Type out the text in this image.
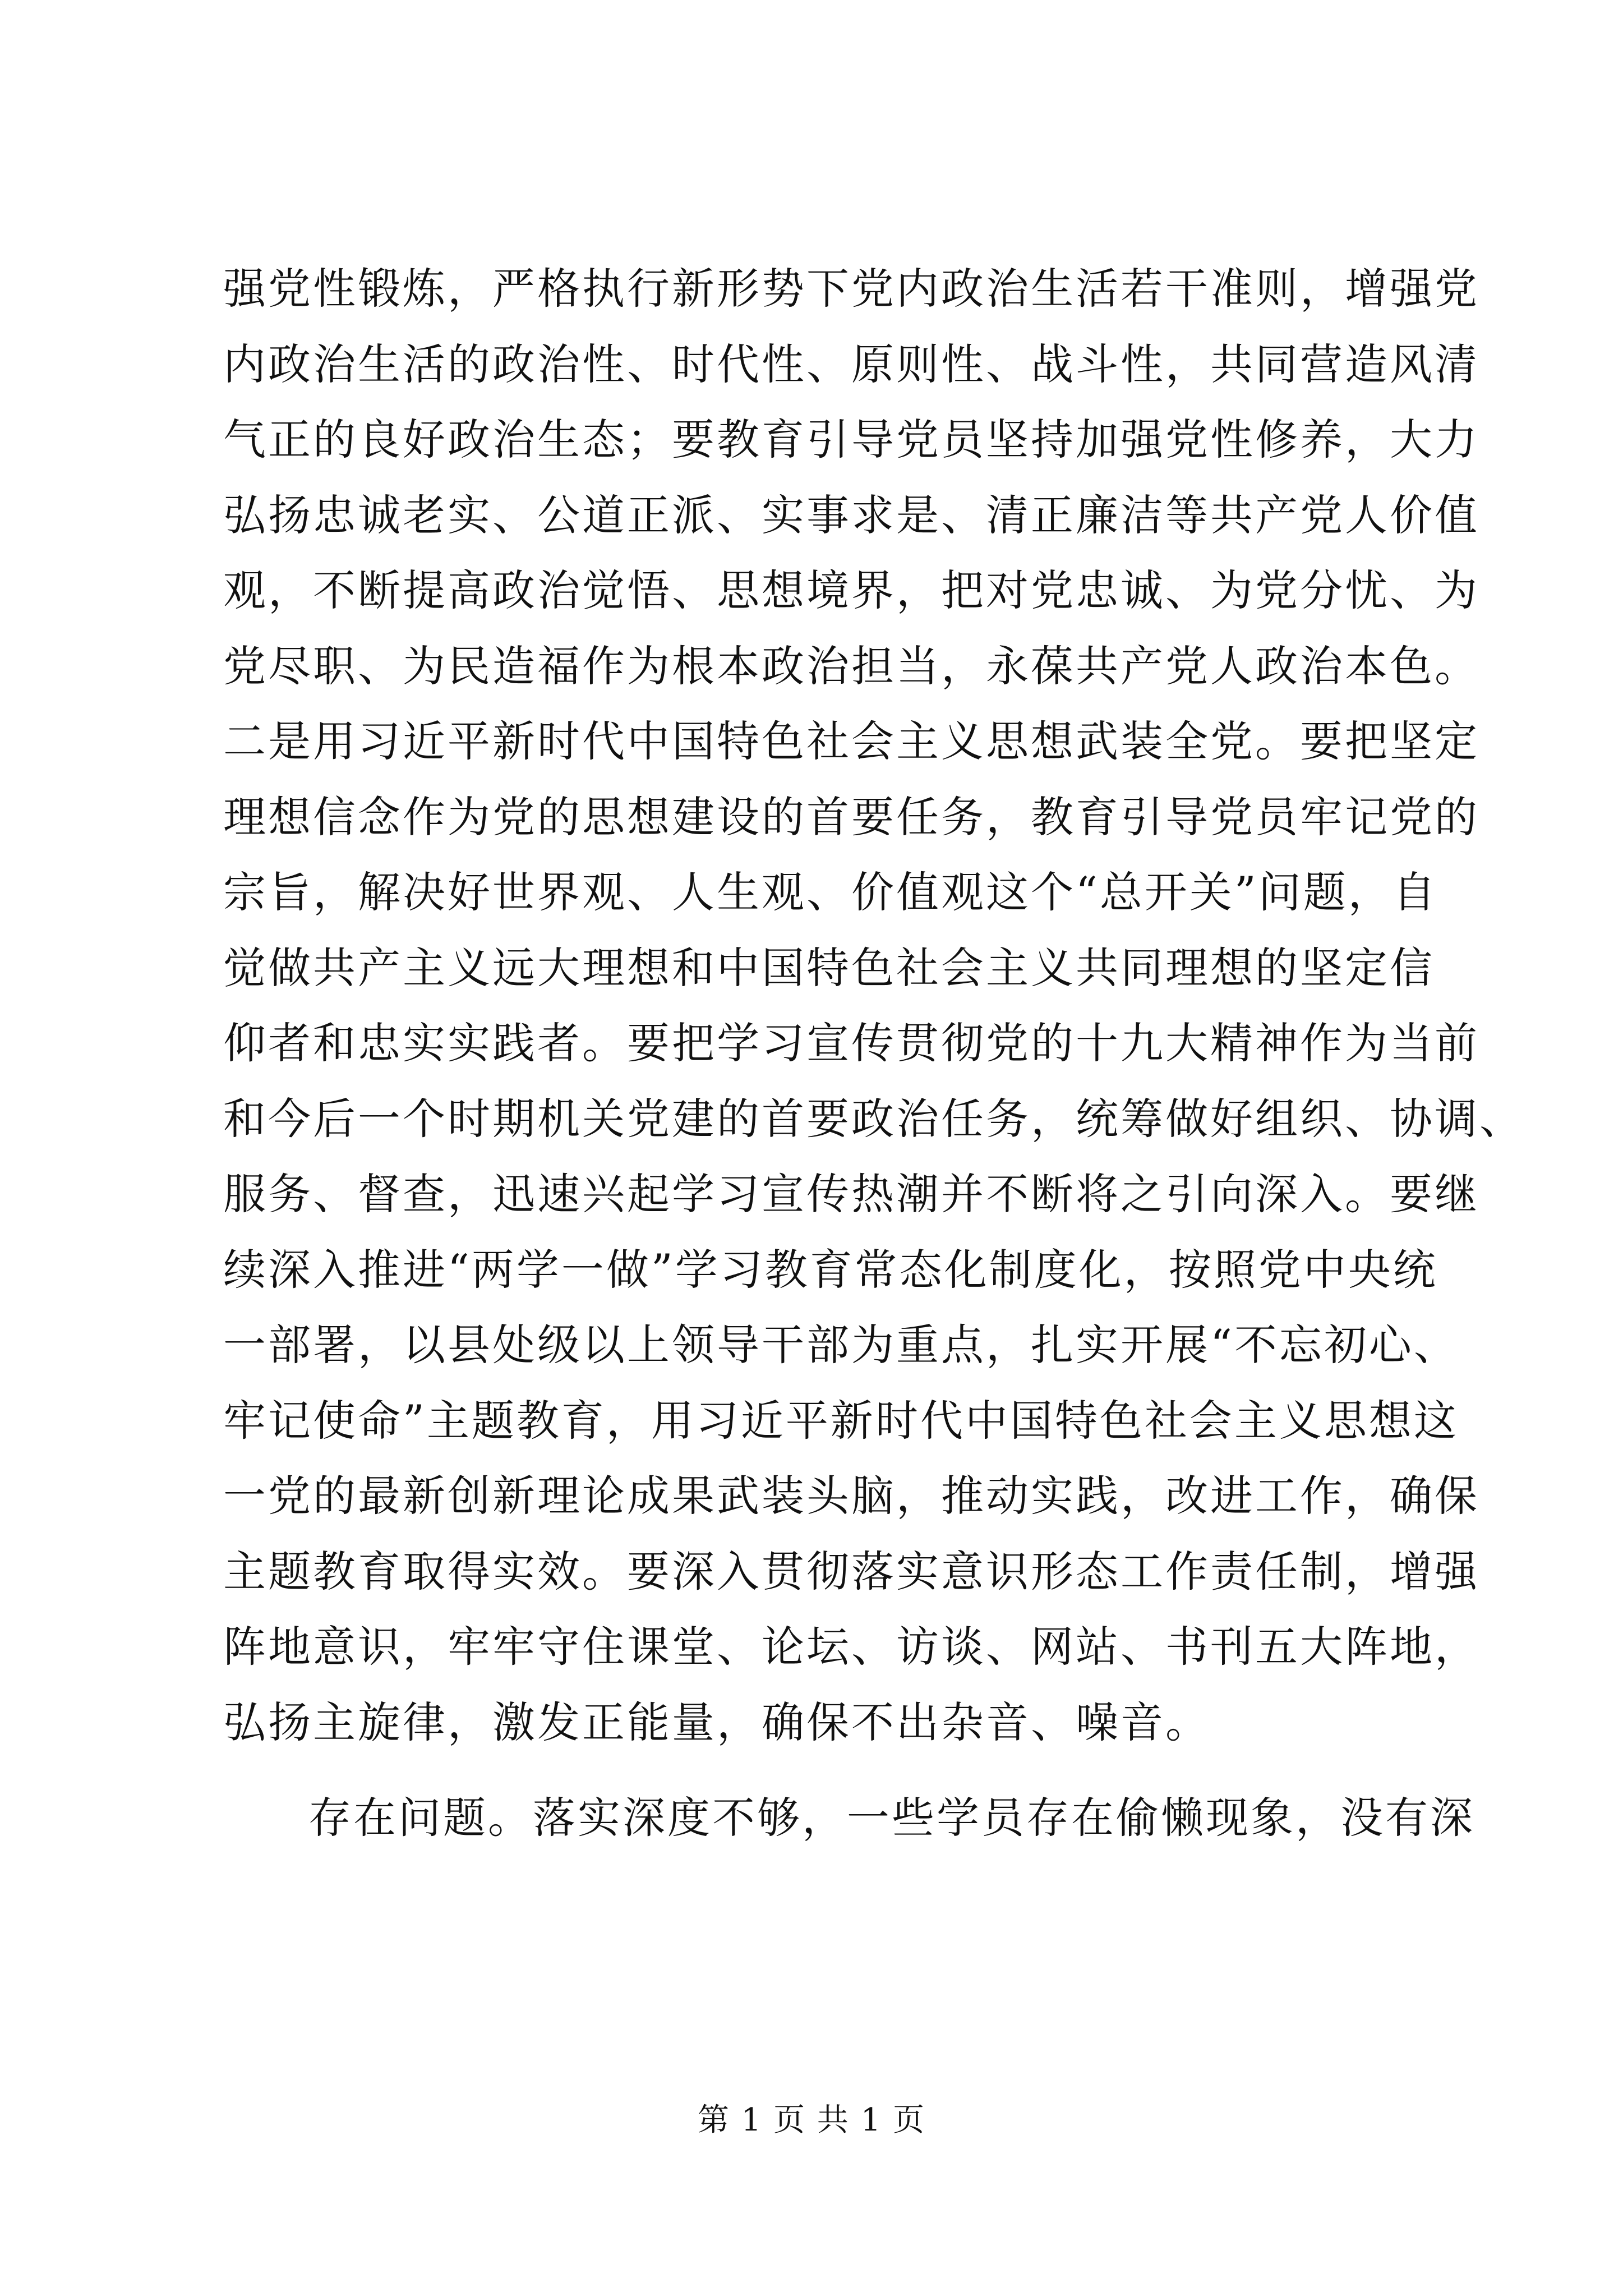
强党性锻炼，严格执行新形势下党内政治生活若干准则，增强党
内政治生活的政治性、时代性、原则性、战斗性，共同营造风清
气正的良好政治生态；要教育引导党员坚持加强党性修养，大力
弘扬忠诚老实、公道正派、实事求是、清正廉洁等共产党人价值
观，不断提高政治觉悟、思想境界，把对党忠诚、为党分忧、为
党尽职、为民造福作为根本政治担当，永葆共产党人政治本色。
二是用习近平新时代中国特色社会主义思想武装全党。要把坚定
理想信念作为党的思想建设的首要任务，教育引导党员牢记党的
宗旨，解决好世界观、人生观、价值观这个“总开关”问题，自
觉做共产主义远大理想和中国特色社会主义共同理想的坚定信
仰者和忠实实践者。要把学习宣传贯彻党的十九大精神作为当前
和今后一个时期机关党建的首要政治任务，统筹做好组织、协调、
服务、督查，迅速兴起学习宣传热潮并不断将之引向深入。要继
续深入推进“两学一做”学习教育常态化制度化，按照党中央统
一部署，以县处级以上领导干部为重点，扎实开展“不忘初心、
牢记使命”主题教育，用习近平新时代中国特色社会主义思想这
一党的最新创新理论成果武装头脑，推动实践，改进工作，确保
主题教育取得实效。要深入贯彻落实意识形态工作责任制，增强
阵地意识，牢牢守住课堂、论坛、访谈、网站、书刊五大阵地，
弘扬主旋律，激发正能量，确保不出杂音、噪音。
存在问题。落实深度不够，一些学员存在偷懒现象，没有深
第 1 页 共 1 页
